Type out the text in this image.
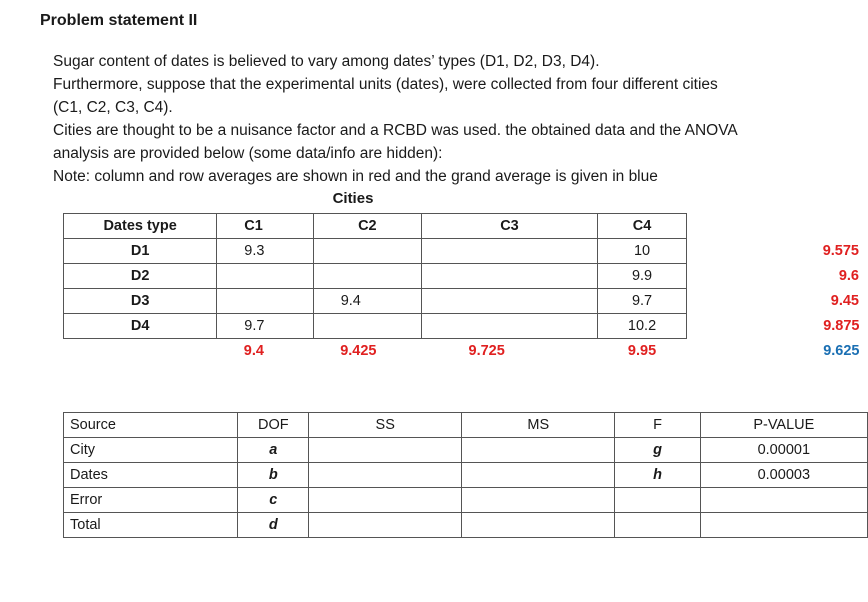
Problem statement II
Sugar content of dates is believed to vary among dates’ types (D1, D2, D3, D4).
Furthermore, suppose that the experimental units (dates), were collected from four different cities
(C1, C2, C3, C4).
Cities are thought to be a nuisance factor and a RCBD was used. the obtained data and the ANOVA
analysis are provided below (some data/info are hidden):
Note: column and row averages are shown in red and the grand average is given in blue
Cities
Dates type	C1	C2	C3	C4	
D1	9.3			10	9.575
D2				9.9	9.6
D3		9.4		9.7	9.45
D4	9.7			10.2	9.875
	9.4	9.425	9.725	9.95	9.625
Source	DOF	SS	MS	F	P-VALUE
City	a			g	0.00001
Dates	b			h	0.00003
Error	c				
Total	d				
